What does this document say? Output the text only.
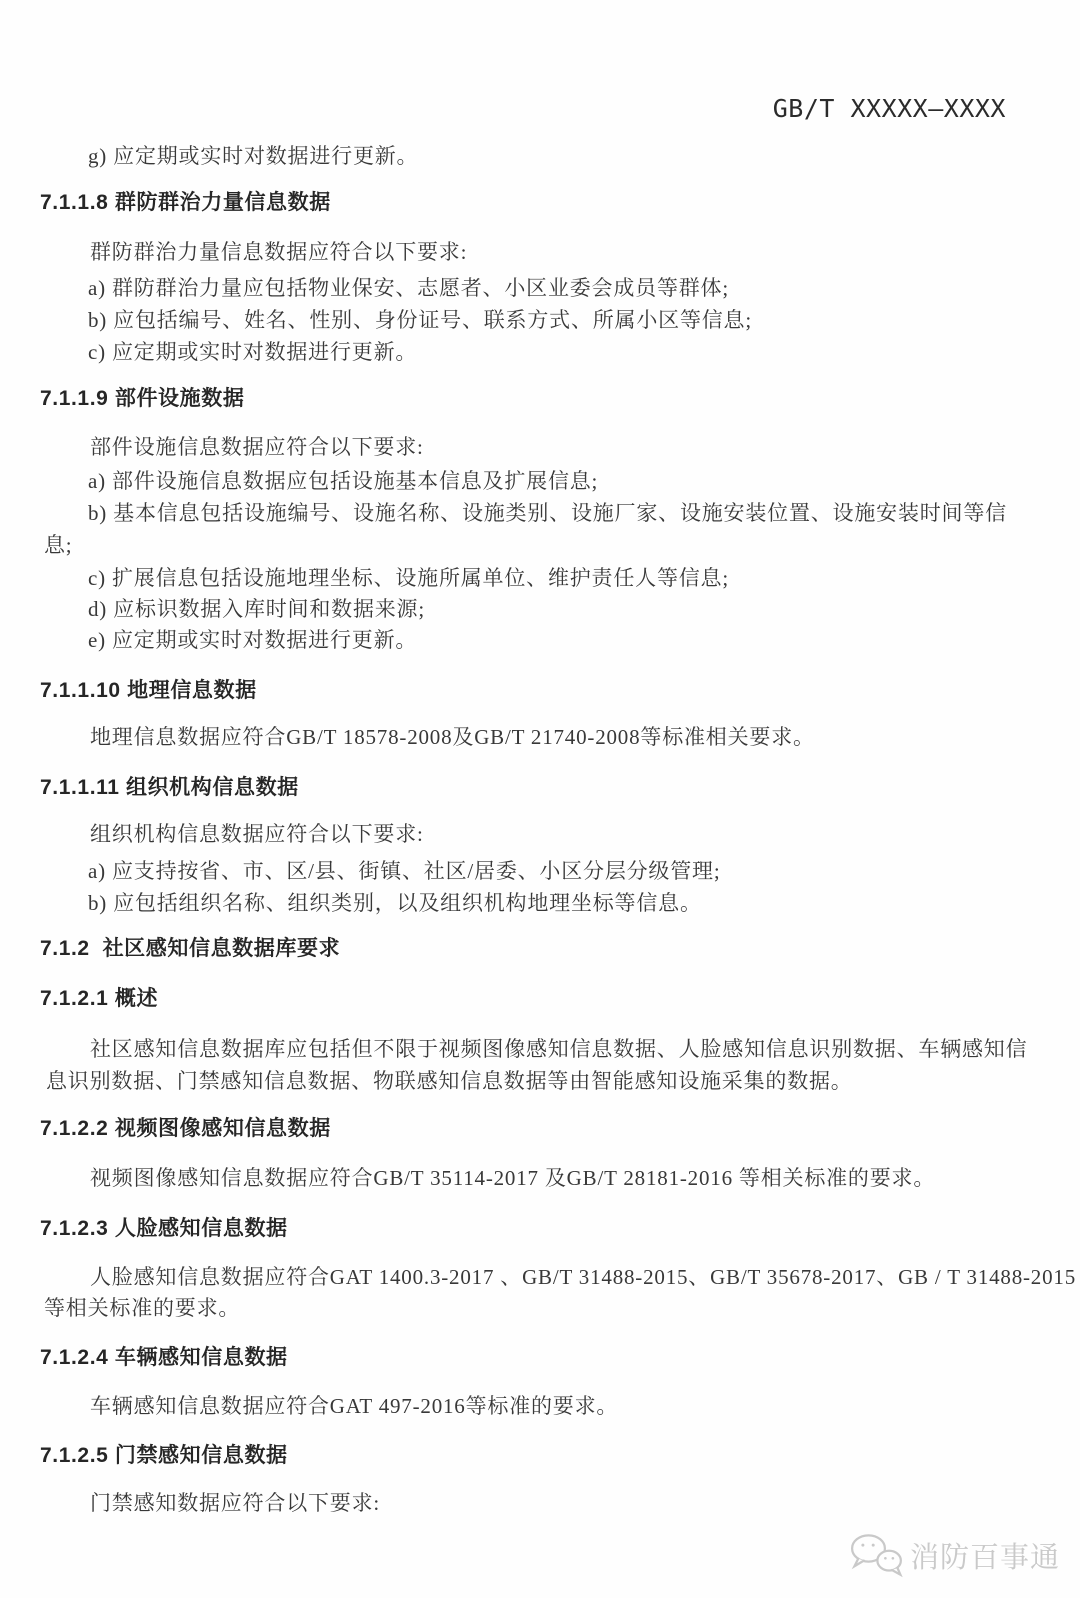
GB/T XXXXX—XXXX
g) 应定期或实时对数据进行更新。
7.1.1.8 群防群治力量信息数据
群防群治力量信息数据应符合以下要求:
a) 群防群治力量应包括物业保安、志愿者、小区业委会成员等群体;
b) 应包括编号、姓名、性别、身份证号、联系方式、所属小区等信息;
c) 应定期或实时对数据进行更新。
7.1.1.9 部件设施数据
部件设施信息数据应符合以下要求:
a) 部件设施信息数据应包括设施基本信息及扩展信息;
b) 基本信息包括设施编号、设施名称、设施类别、设施厂家、设施安装位置、设施安装时间等信
息;
c) 扩展信息包括设施地理坐标、设施所属单位、维护责任人等信息;
d) 应标识数据入库时间和数据来源;
e) 应定期或实时对数据进行更新。
7.1.1.10 地理信息数据
地理信息数据应符合GB/T 18578-2008及GB/T 21740-2008等标准相关要求。
7.1.1.11 组织机构信息数据
组织机构信息数据应符合以下要求:
a) 应支持按省、市、区/县、街镇、社区/居委、小区分层分级管理;
b) 应包括组织名称、组织类别，以及组织机构地理坐标等信息。
7.1.2  社区感知信息数据库要求
7.1.2.1 概述
社区感知信息数据库应包括但不限于视频图像感知信息数据、人脸感知信息识别数据、车辆感知信
息识别数据、门禁感知信息数据、物联感知信息数据等由智能感知设施采集的数据。
7.1.2.2 视频图像感知信息数据
视频图像感知信息数据应符合GB/T 35114-2017 及GB/T 28181-2016 等相关标准的要求。
7.1.2.3 人脸感知信息数据
人脸感知信息数据应符合GAT 1400.3-2017 、GB/T 31488-2015、GB/T 35678-2017、GB / T 31488-2015
等相关标准的要求。
7.1.2.4 车辆感知信息数据
车辆感知信息数据应符合GAT 497-2016等标准的要求。
7.1.2.5 门禁感知信息数据
门禁感知数据应符合以下要求:
消防百事通
